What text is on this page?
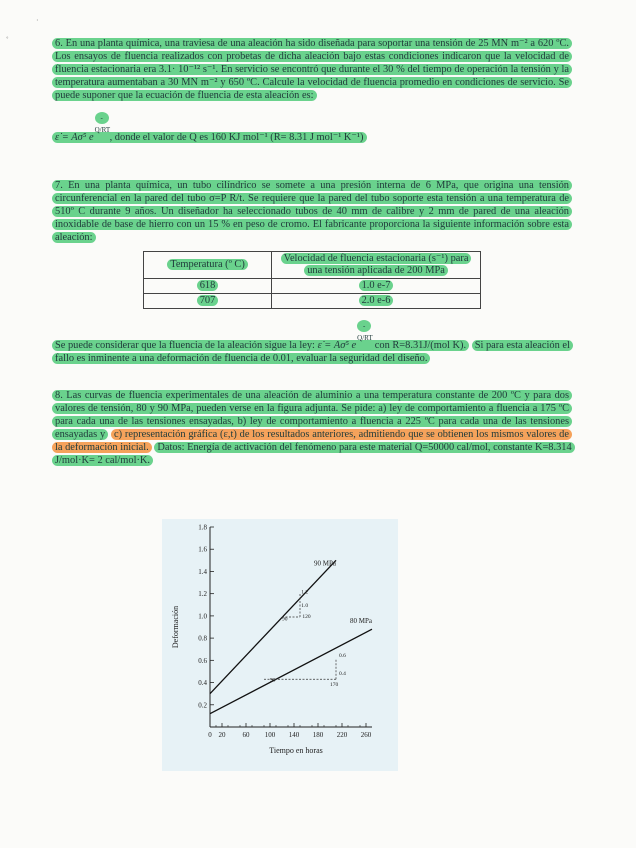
˚
·
6. En una planta química, una traviesa de una aleación ha sido diseñada para soportar una tensión de 25 MN m⁻² a 620 ºC. Los ensayos de fluencia realizados con probetas de dicha aleación bajo estas condiciones indicaron que la velocidad de fluencia estacionaria era 3.1· 10⁻¹² s⁻¹. En servicio se encontró que durante el 30 % del tiempo de operación la tensión y la temperatura aumentaban a 30 MN m⁻² y 650 ºC. Calcule la velocidad de fluencia promedio en condiciones de servicio. Se puede suponer que la ecuación de fluencia de esta aleación es:
ε̇ = Aσ⁵ e-Q/RT, donde el valor de Q es 160 KJ mol⁻¹ (R= 8.31 J mol⁻¹ K⁻¹)
7. En una planta química, un tubo cilíndrico se somete a una presión interna de 6 MPa, que origina una tensión circunferencial en la pared del tubo σ=P R/t. Se requiere que la pared del tubo soporte esta tensión a una temperatura de 510º C durante 9 años. Un diseñador ha seleccionado tubos de 40 mm de calibre y 2 mm de pared de una aleación inoxidable de base de hierro con un 15 % en peso de cromo. El fabricante proporciona la siguiente información sobre esta aleación:
Temperatura (º C)	Velocidad de fluencia estacionaria (s⁻¹) para una tensión aplicada de 200 MPa
618	1.0 e-7
707	2.0 e-6
Se puede considerar que la fluencia de la aleación sigue la ley: ε̇ = Aσ⁵ e-Q/RT con R=8.31J/(mol K). Si para esta aleación el fallo es inminente a una deformación de fluencia de 0.01, evaluar la seguridad del diseño.
8. Las curvas de fluencia experimentales de una aleación de aluminio a una temperatura constante de 200 ºC y para dos valores de tensión, 80 y 90 MPa, pueden verse en la figura adjunta. Se pide: a) ley de comportamiento a fluencia a 175 ºC para cada una de las tensiones ensayadas, b) ley de comportamiento a fluencia a 225 ºC para cada una de las tensiones ensayadas y c) representación gráfica (ε,t) de los resultados anteriores, admitiendo que se obtienen los mismos valores de la deformación inicial. Datos: Energía de activación del fenómeno para este material Q=50000 cal/mol, constante K=8.314 J/mol·K= 2 cal/mol·K.
0.2
0.4
0.6
0.8
1.0
1.2
1.4
1.6
1.8
0 20 60 100 140 180 220 260
90 MPa
80 MPa
1.2
1.0
120
90
0.6
0.4
170
90
Tiempo en horas
Deformación
